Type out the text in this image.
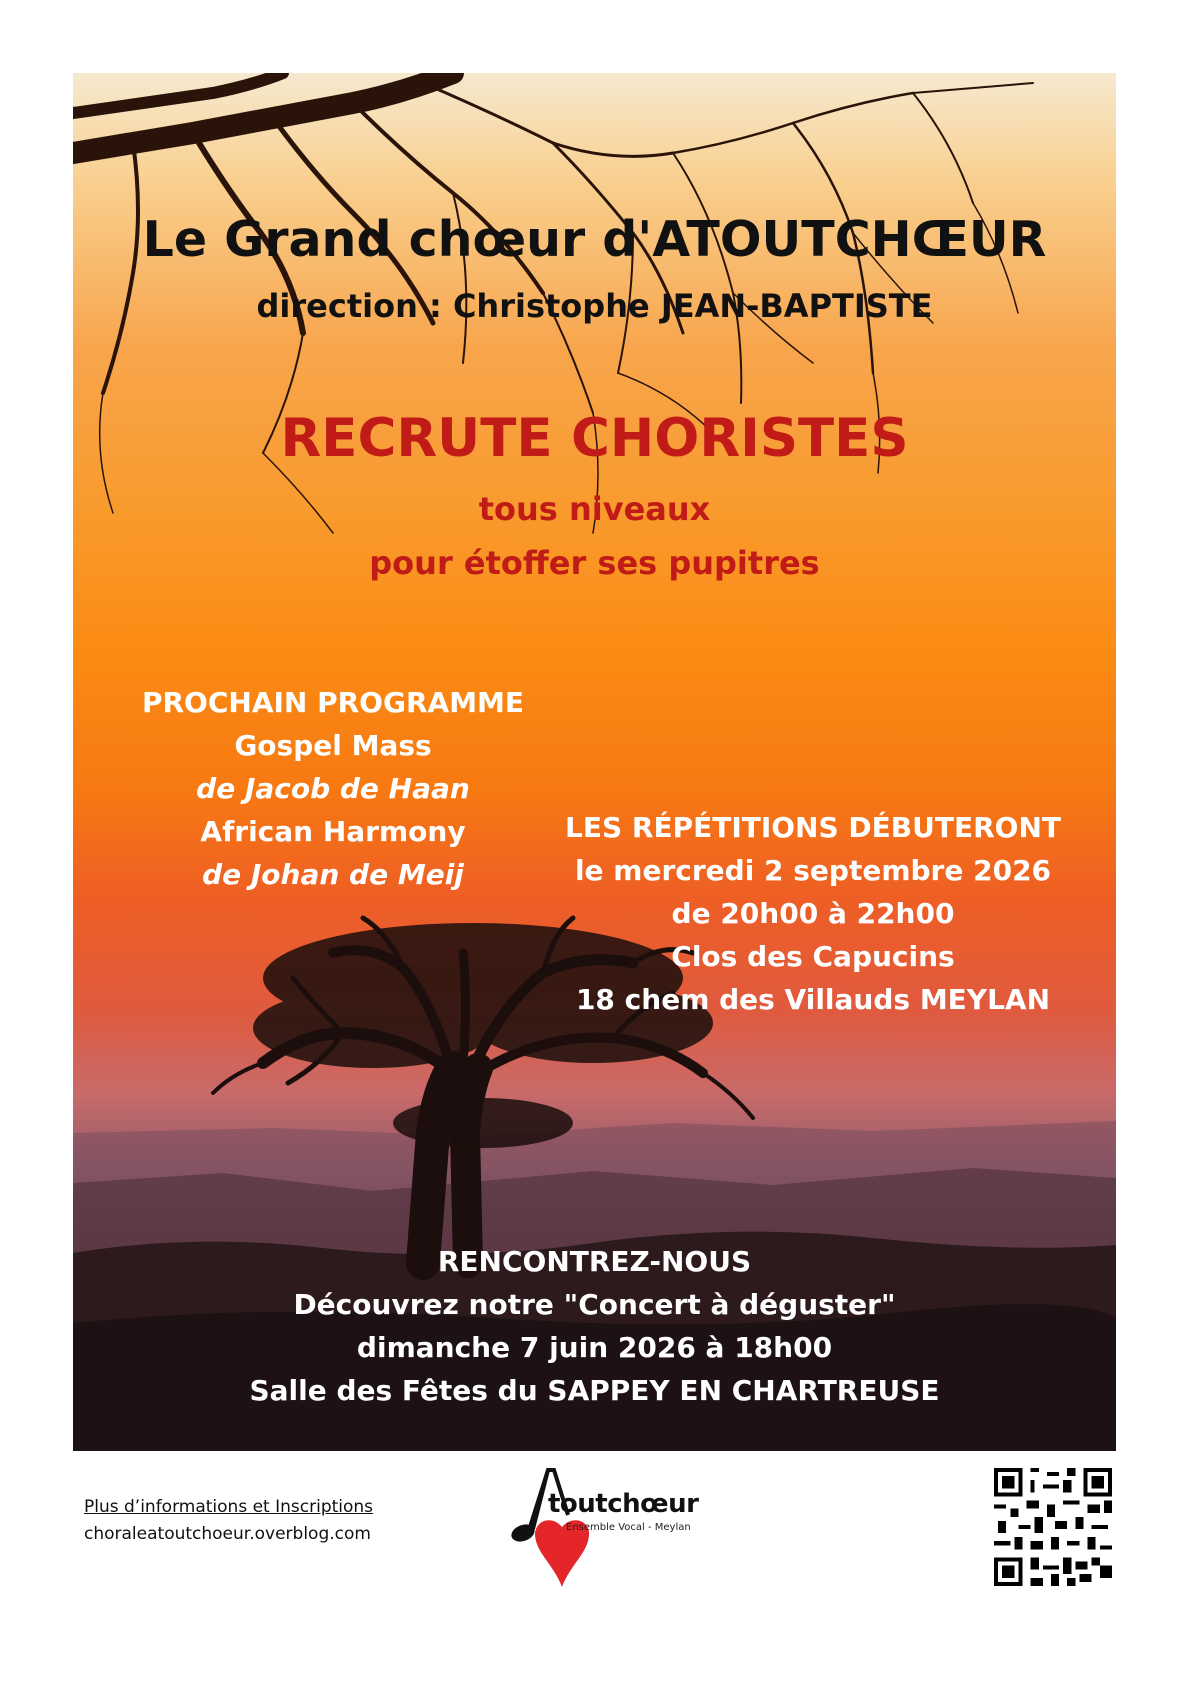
Le Grand chœur d'ATOUTCHŒUR
direction : Christophe JEAN-BAPTISTE
RECRUTE CHORISTES
tous niveaux
pour étoffer ses pupitres
PROCHAIN PROGRAMME
Gospel Mass
de Jacob de Haan
African Harmony
de Johan de Meij
LES RÉPÉTITIONS DÉBUTERONT
le mercredi 2 septembre 2026
de 20h00 à 22h00
Clos des Capucins
18 chem des Villauds MEYLAN
RENCONTREZ-NOUS
Découvrez notre "Concert à déguster"
dimanche 7 juin 2026 à 18h00
Salle des Fêtes du SAPPEY EN CHARTREUSE
Plus d’informations et Inscriptions
choraleatoutchoeur.overblog.com
toutchœur
Ensemble Vocal - Meylan
